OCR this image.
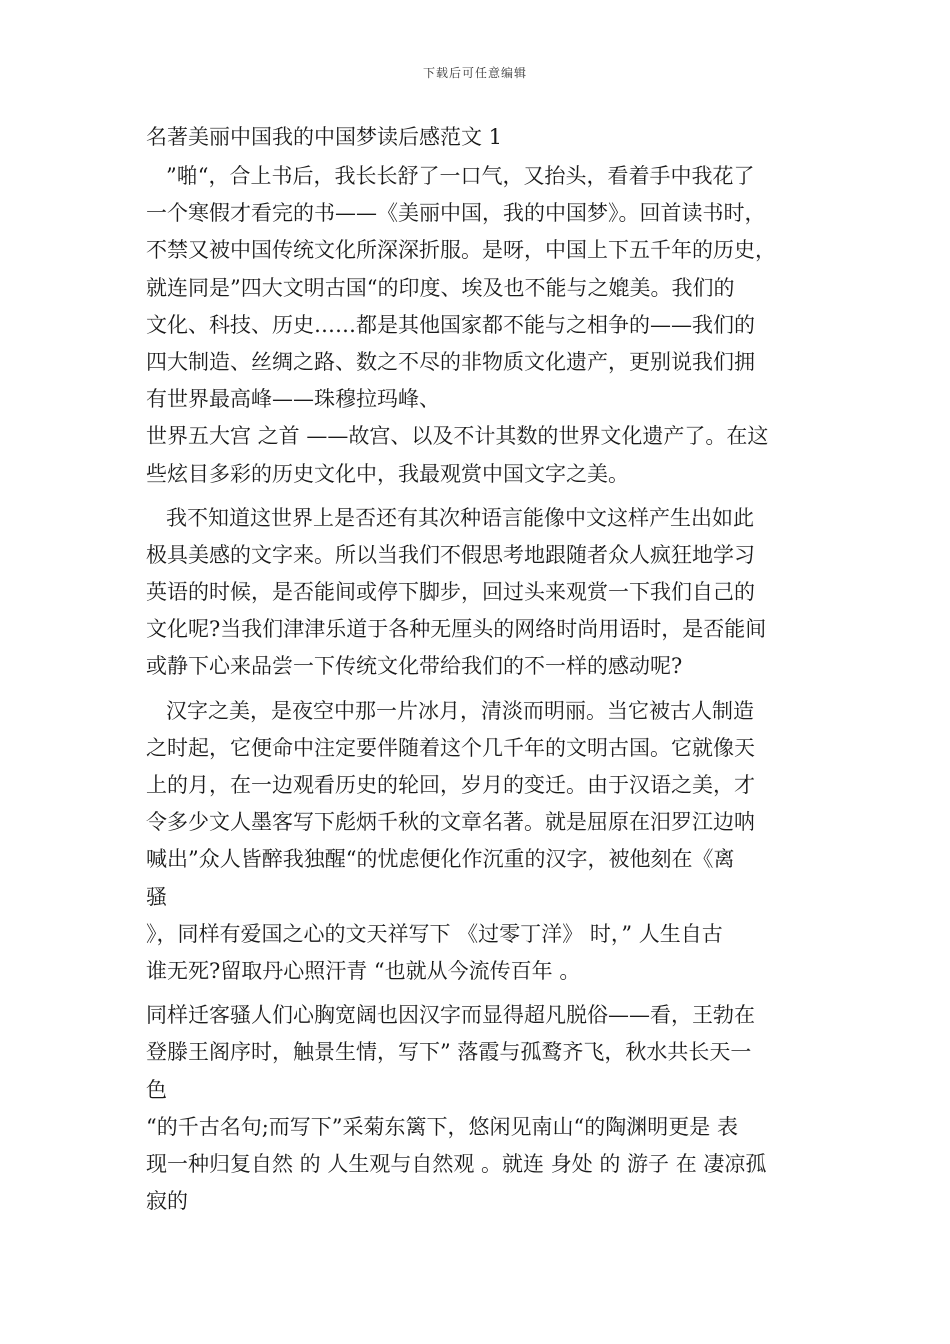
下载后可任意编辑
名著美丽中国我的中国梦读后感范文 1
”啪“，合上书后，我长长舒了一口气，又抬头，看着手中我花了
一个寒假才看完的书——《美丽中国，我的中国梦》。回首读书时，
不禁又被中国传统文化所深深折服。是呀，中国上下五千年的历史，
就连同是”四大文明古国“的印度、埃及也不能与之媲美。我们的
文化、科技、历史……都是其他国家都不能与之相争的——我们的
四大制造、丝绸之路、数之不尽的非物质文化遗产，更别说我们拥
有世界最高峰——珠穆拉玛峰、
世界五大宫 之首 ——故宫、以及不计其数的世界文化遗产了。在这
些炫目多彩的历史文化中，我最观赏中国文字之美。
我不知道这世界上是否还有其次种语言能像中文这样产生出如此
极具美感的文字来。所以当我们不假思考地跟随者众人疯狂地学习
英语的时候，是否能间或停下脚步，回过头来观赏一下我们自己的
文化呢?当我们津津乐道于各种无厘头的网络时尚用语时，是否能间
或静下心来品尝一下传统文化带给我们的不一样的感动呢?
汉字之美，是夜空中那一片冰月，清淡而明丽。当它被古人制造
之时起，它便命中注定要伴随着这个几千年的文明古国。它就像天
上的月，在一边观看历史的轮回，岁月的变迁。由于汉语之美，才
令多少文人墨客写下彪炳千秋的文章名著。就是屈原在汨罗江边呐
喊出”众人皆醉我独醒“的忧虑便化作沉重的汉字，被他刻在《离
骚
》，同样有爱国之心的文天祥写下 《过零丁洋》 时，” 人生自古
谁无死?留取丹心照汗青 “也就从今流传百年 。
同样迁客骚人们心胸宽阔也因汉字而显得超凡脱俗——看，王勃在
登滕王阁序时，触景生情，写下” 落霞与孤鹜齐飞，秋水共长天一
色
“的千古名句;而写下”采菊东篱下，悠闲见南山“的陶渊明更是 表
现一种归复自然 的 人生观与自然观 。就连 身处 的 游子 在 凄凉孤
寂的
